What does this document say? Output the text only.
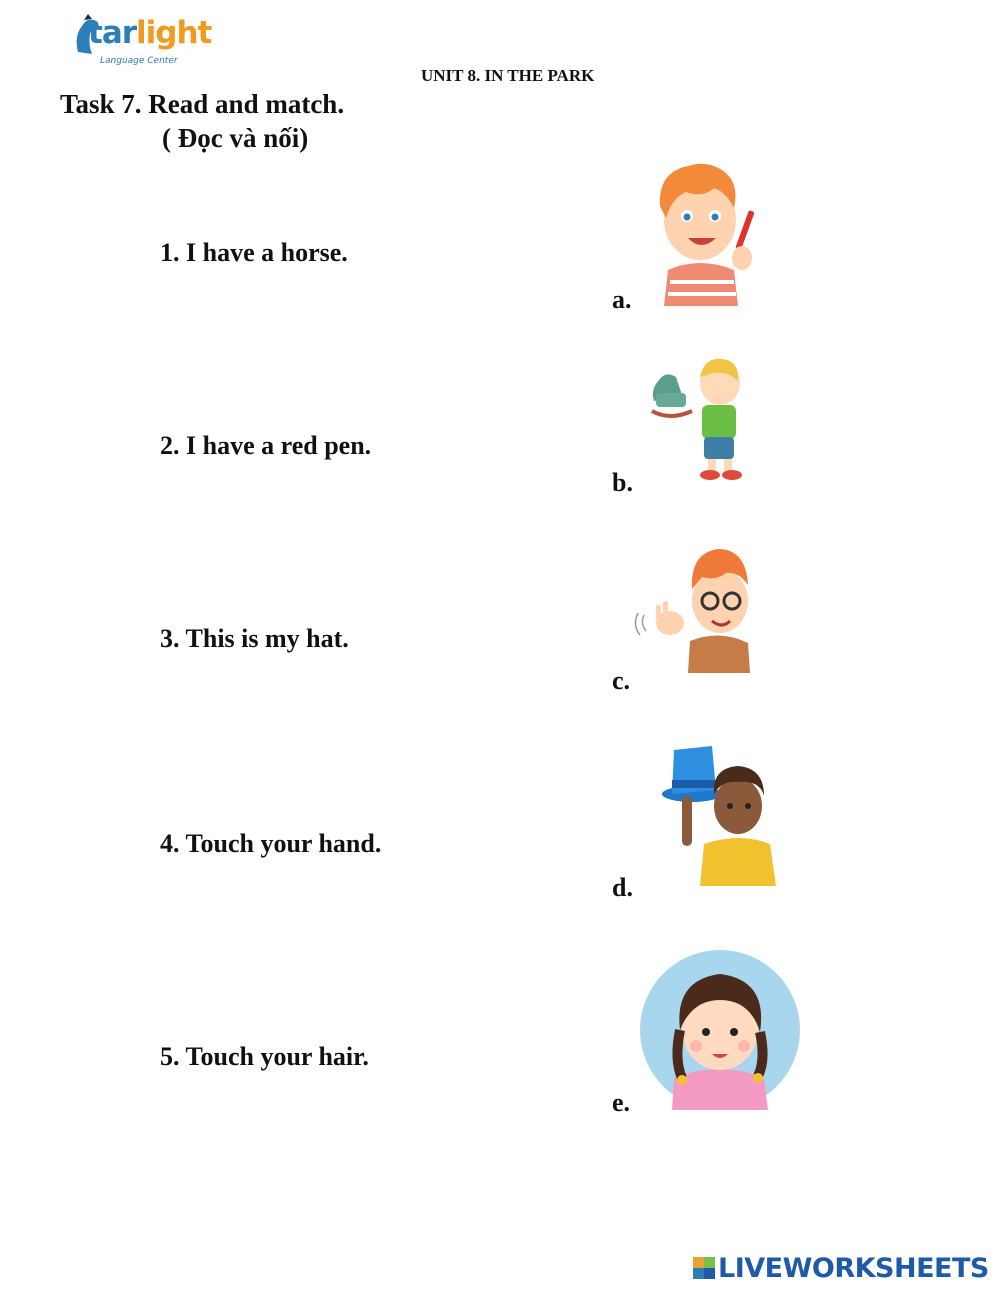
tarlight
Language Center
UNIT 8. IN THE PARK
Task 7. Read and match.
( Đọc và nối)
1. I have a horse.
2. I have a red pen.
3. This is my hat.
4. Touch your hand.
5. Touch your hair.
a.
b.
c.
d.
e.
LIVEWORKSHEETS
